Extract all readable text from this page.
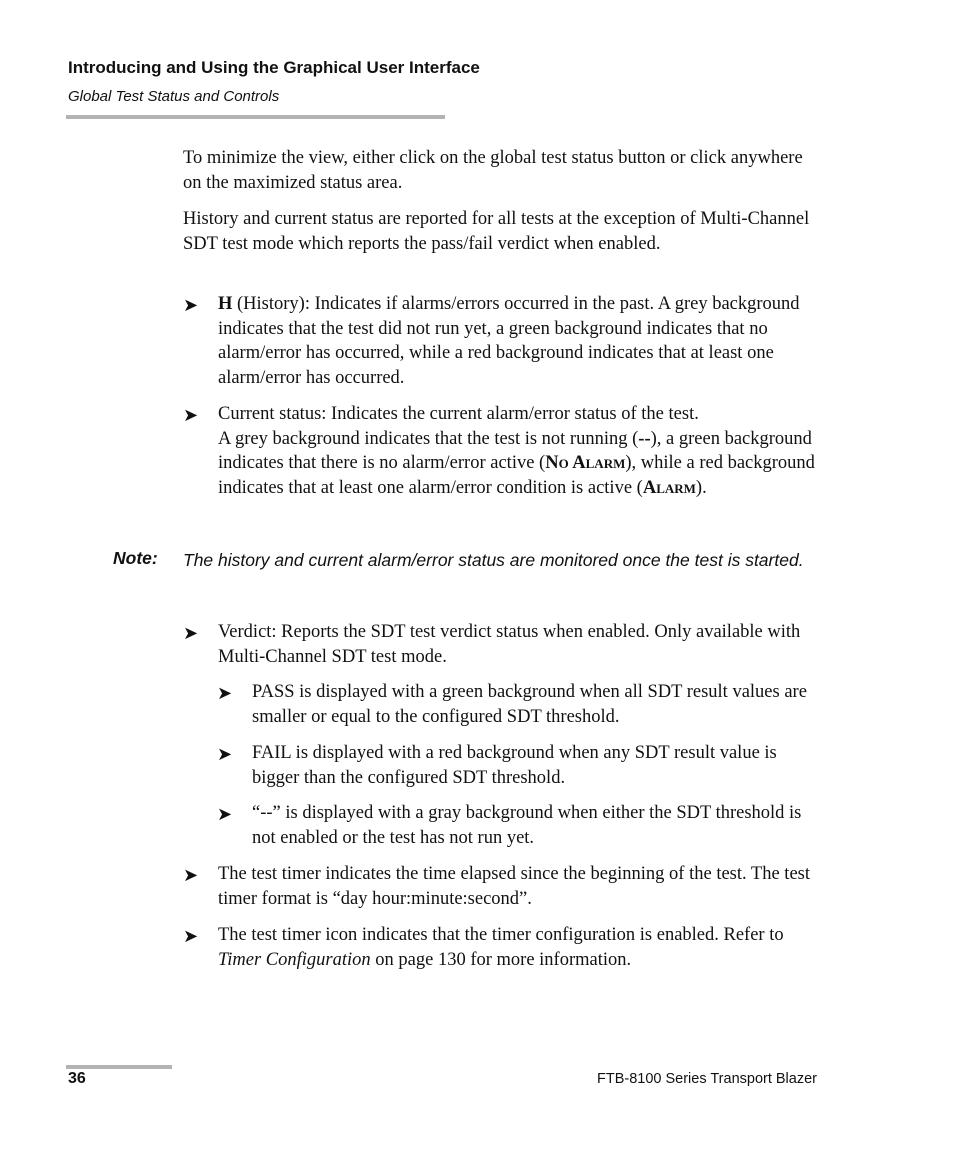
Introducing and Using the Graphical User Interface
Global Test Status and Controls

To minimize the view, either click on the global test status button or click anywhere on the maximized status area.

History and current status are reported for all tests at the exception of Multi-Channel SDT test mode which reports the pass/fail verdict when enabled.

➤ H (History): Indicates if alarms/errors occurred in the past. A grey background indicates that the test did not run yet, a green background indicates that no alarm/error has occurred, while a red background indicates that at least one alarm/error has occurred.

➤ Current status: Indicates the current alarm/error status of the test.
A grey background indicates that the test is not running (--), a green background indicates that there is no alarm/error active (No Alarm), while a red background indicates that at least one alarm/error condition is active (Alarm).
Note: The history and current alarm/error status are monitored once the test is started.

➤ Verdict: Reports the SDT test verdict status when enabled. Only available with Multi-Channel SDT test mode.

➤ PASS is displayed with a green background when all SDT result values are smaller or equal to the configured SDT threshold.

➤ FAIL is displayed with a red background when any SDT result value is bigger than the configured SDT threshold.

➤ “--” is displayed with a gray background when either the SDT threshold is not enabled or the test has not run yet.

➤ The test timer indicates the time elapsed since the beginning of the test. The test timer format is “day hour:minute:second”.

➤ The test timer icon indicates that the timer configuration is enabled. Refer to Timer Configuration on page 130 for more information.

36	FTB-8100 Series Transport Blazer
